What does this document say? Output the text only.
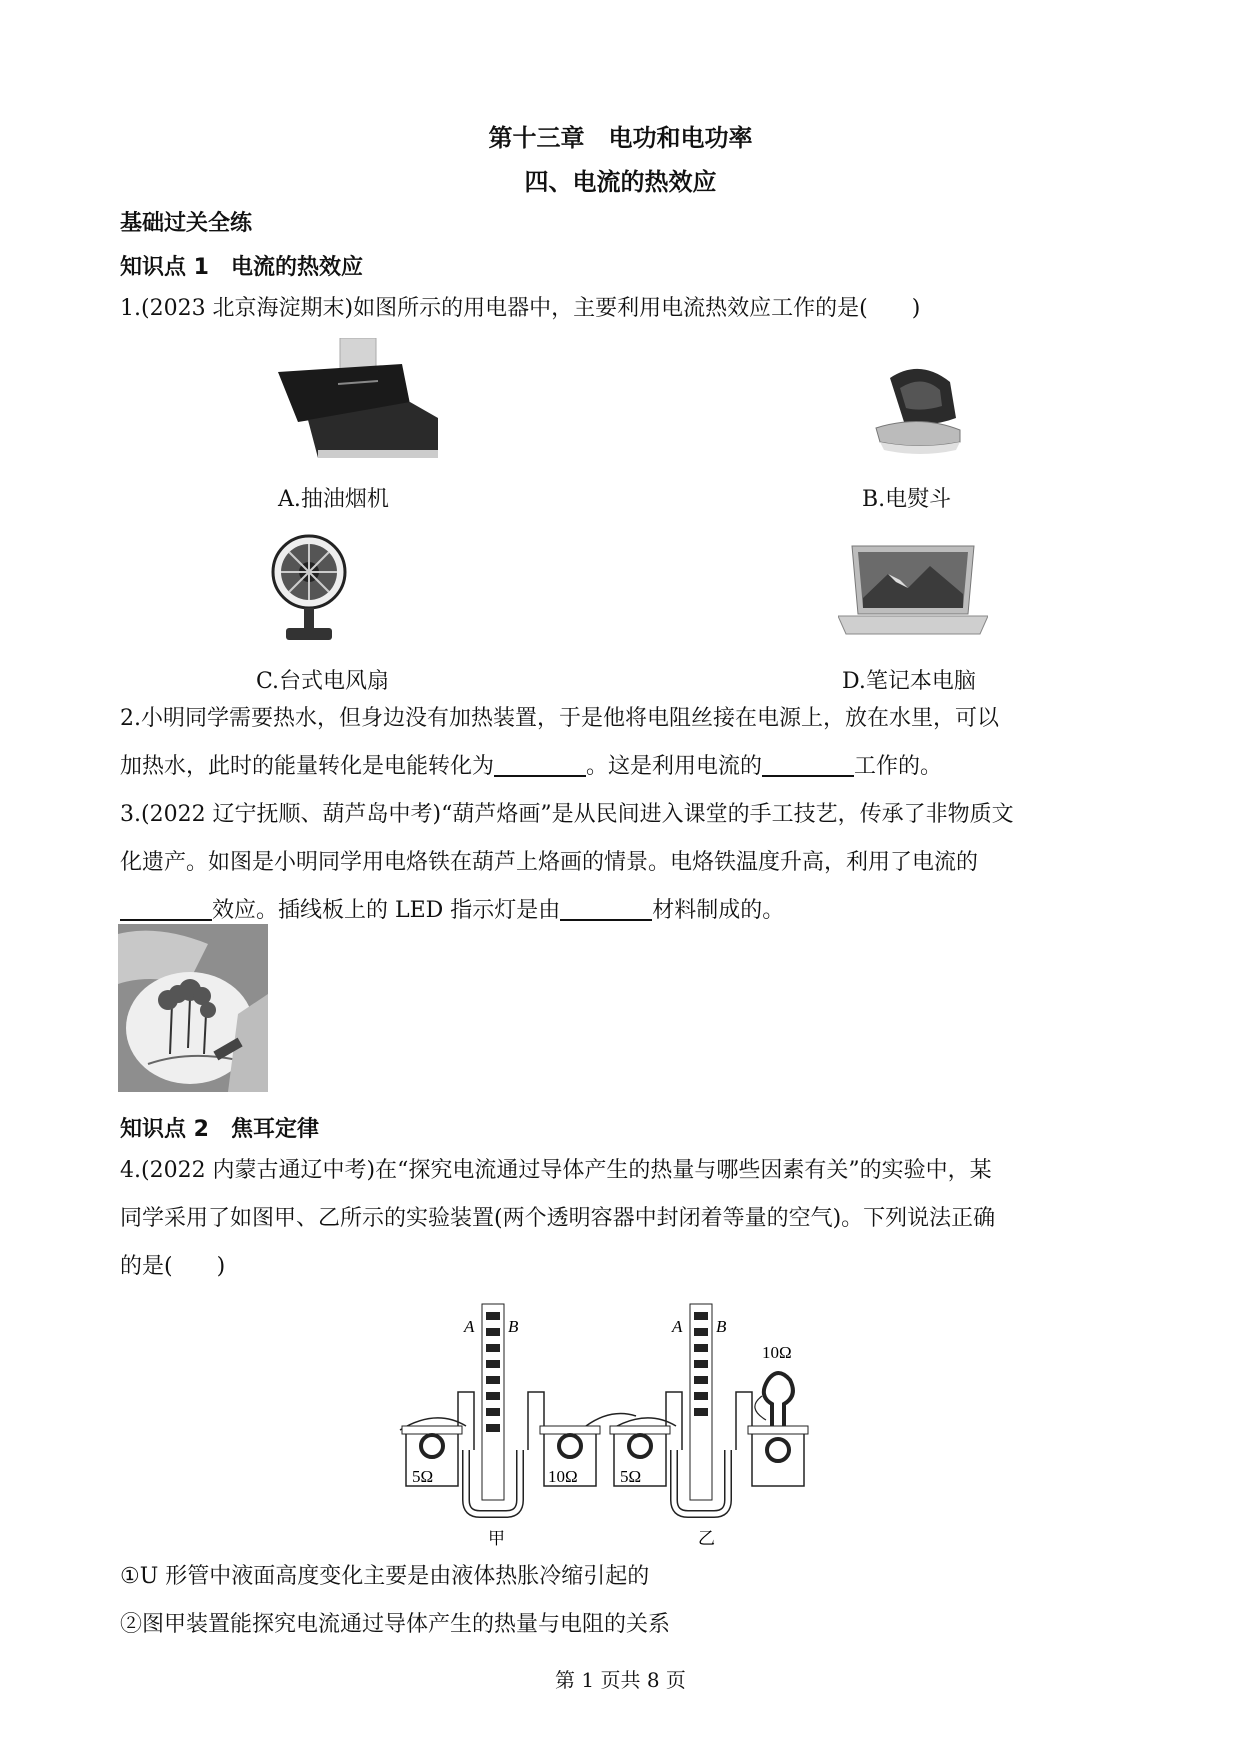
第十三章　电功和电功率
四、电流的热效应
基础过关全练
知识点 1　电流的热效应
1.(2023 北京海淀期末)如图所示的用电器中，主要利用电流热效应工作的是(　　)
A.抽油烟机	B.电熨斗
C.台式电风扇	D.笔记本电脑
2.小明同学需要热水，但身边没有加热装置，于是他将电阻丝接在电源上，放在水里，可以
加热水，此时的能量转化是电能转化为	。这是利用电流的	工作的。
3.(2022 辽宁抚顺、葫芦岛中考)“葫芦烙画”是从民间进入课堂的手工技艺，传承了非物质文
化遗产。如图是小明同学用电烙铁在葫芦上烙画的情景。电烙铁温度升高，利用了电流的
效应。插线板上的 LED 指示灯是由	材料制成的。
知识点 2　焦耳定律
4.(2022 内蒙古通辽中考)在“探究电流通过导体产生的热量与哪些因素有关”的实验中，某
同学采用了如图甲、乙所示的实验装置(两个透明容器中封闭着等量的空气)。下列说法正确
的是(　　)
A B
5Ω	10Ω
甲
A B
10Ω
5Ω
乙
①U 形管中液面高度变化主要是由液体热胀冷缩引起的
②图甲装置能探究电流通过导体产生的热量与电阻的关系
第 1 页共 8 页
